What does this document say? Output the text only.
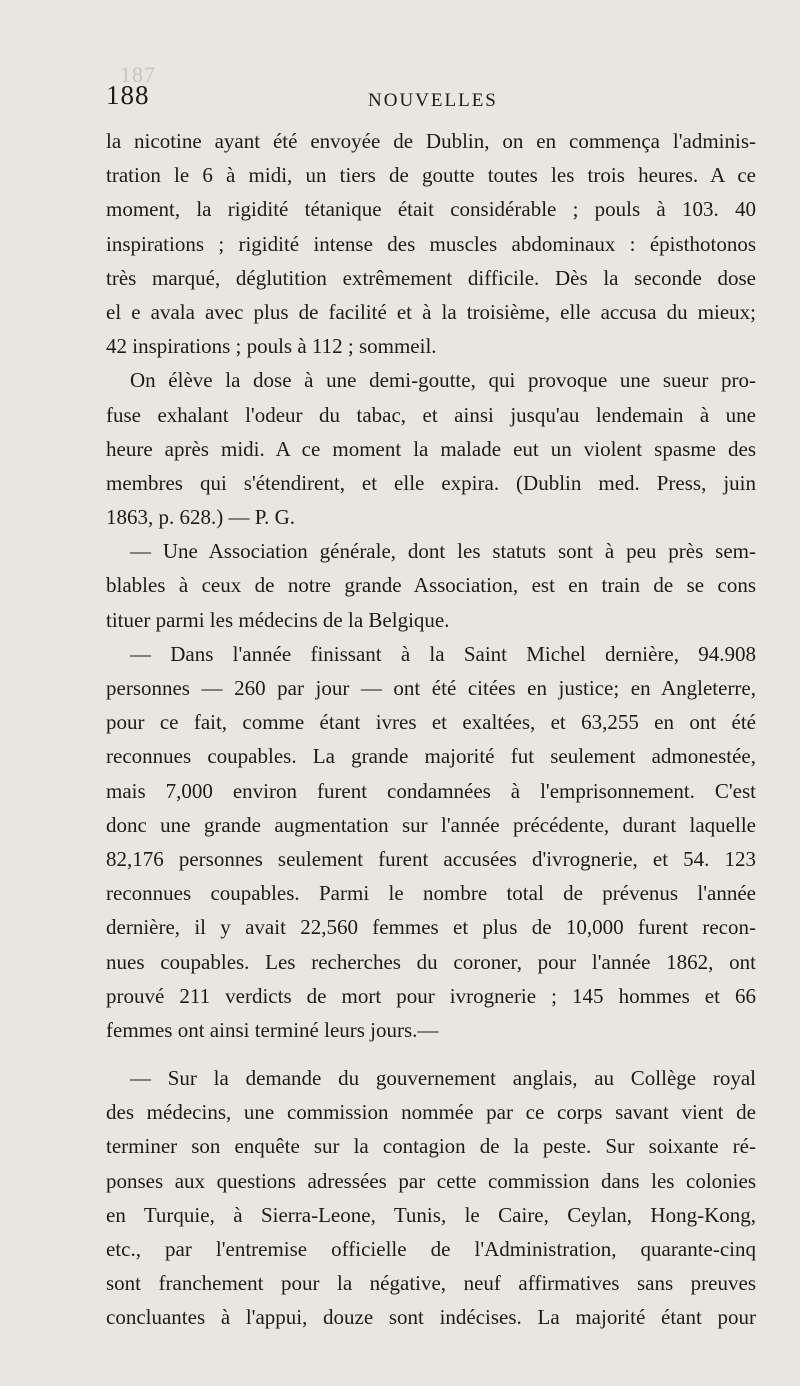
187
188	NOUVELLES
la nicotine ayant été envoyée de Dublin, on en commença l'adminis-
tration le 6 à midi, un tiers de goutte toutes les trois heures. A ce
moment, la rigidité tétanique était considérable ; pouls à 103. 40
inspirations ; rigidité intense des muscles abdominaux : épisthotonos
très marqué, déglutition extrêmement difficile. Dès la seconde dose
el e avala avec plus de facilité et à la troisième, elle accusa du mieux;
42 inspirations ; pouls à 112 ; sommeil.
On élève la dose à une demi-goutte, qui provoque une sueur pro-
fuse exhalant l'odeur du tabac, et ainsi jusqu'au lendemain à une
heure après midi. A ce moment la malade eut un violent spasme des
membres qui s'étendirent, et elle expira. (Dublin med. Press, juin
1863, p. 628.) — P. G.
— Une Association générale, dont les statuts sont à peu près sem-
blables à ceux de notre grande Association, est en train de se cons
tituer parmi les médecins de la Belgique.
— Dans l'année finissant à la Saint Michel dernière, 94.908
personnes — 260 par jour — ont été citées en justice; en Angleterre,
pour ce fait, comme étant ivres et exaltées, et 63,255 en ont été
reconnues coupables. La grande majorité fut seulement admonestée,
mais 7,000 environ furent condamnées à l'emprisonnement. C'est
donc une grande augmentation sur l'année précédente, durant laquelle
82,176 personnes seulement furent accusées d'ivrognerie, et 54. 123
reconnues coupables. Parmi le nombre total de prévenus l'année
dernière, il y avait 22,560 femmes et plus de 10,000 furent recon-
nues coupables. Les recherches du coroner, pour l'année 1862, ont
prouvé 211 verdicts de mort pour ivrognerie ; 145 hommes et 66
femmes ont ainsi terminé leurs jours.—
— Sur la demande du gouvernement anglais, au Collège royal
des médecins, une commission nommée par ce corps savant vient de
terminer son enquête sur la contagion de la peste. Sur soixante ré-
ponses aux questions adressées par cette commission dans les colonies
en Turquie, à Sierra-Leone, Tunis, le Caire, Ceylan, Hong-Kong,
etc., par l'entremise officielle de l'Administration, quarante-cinq
sont franchement pour la négative, neuf affirmatives sans preuves
concluantes à l'appui, douze sont indécises. La majorité étant pour
